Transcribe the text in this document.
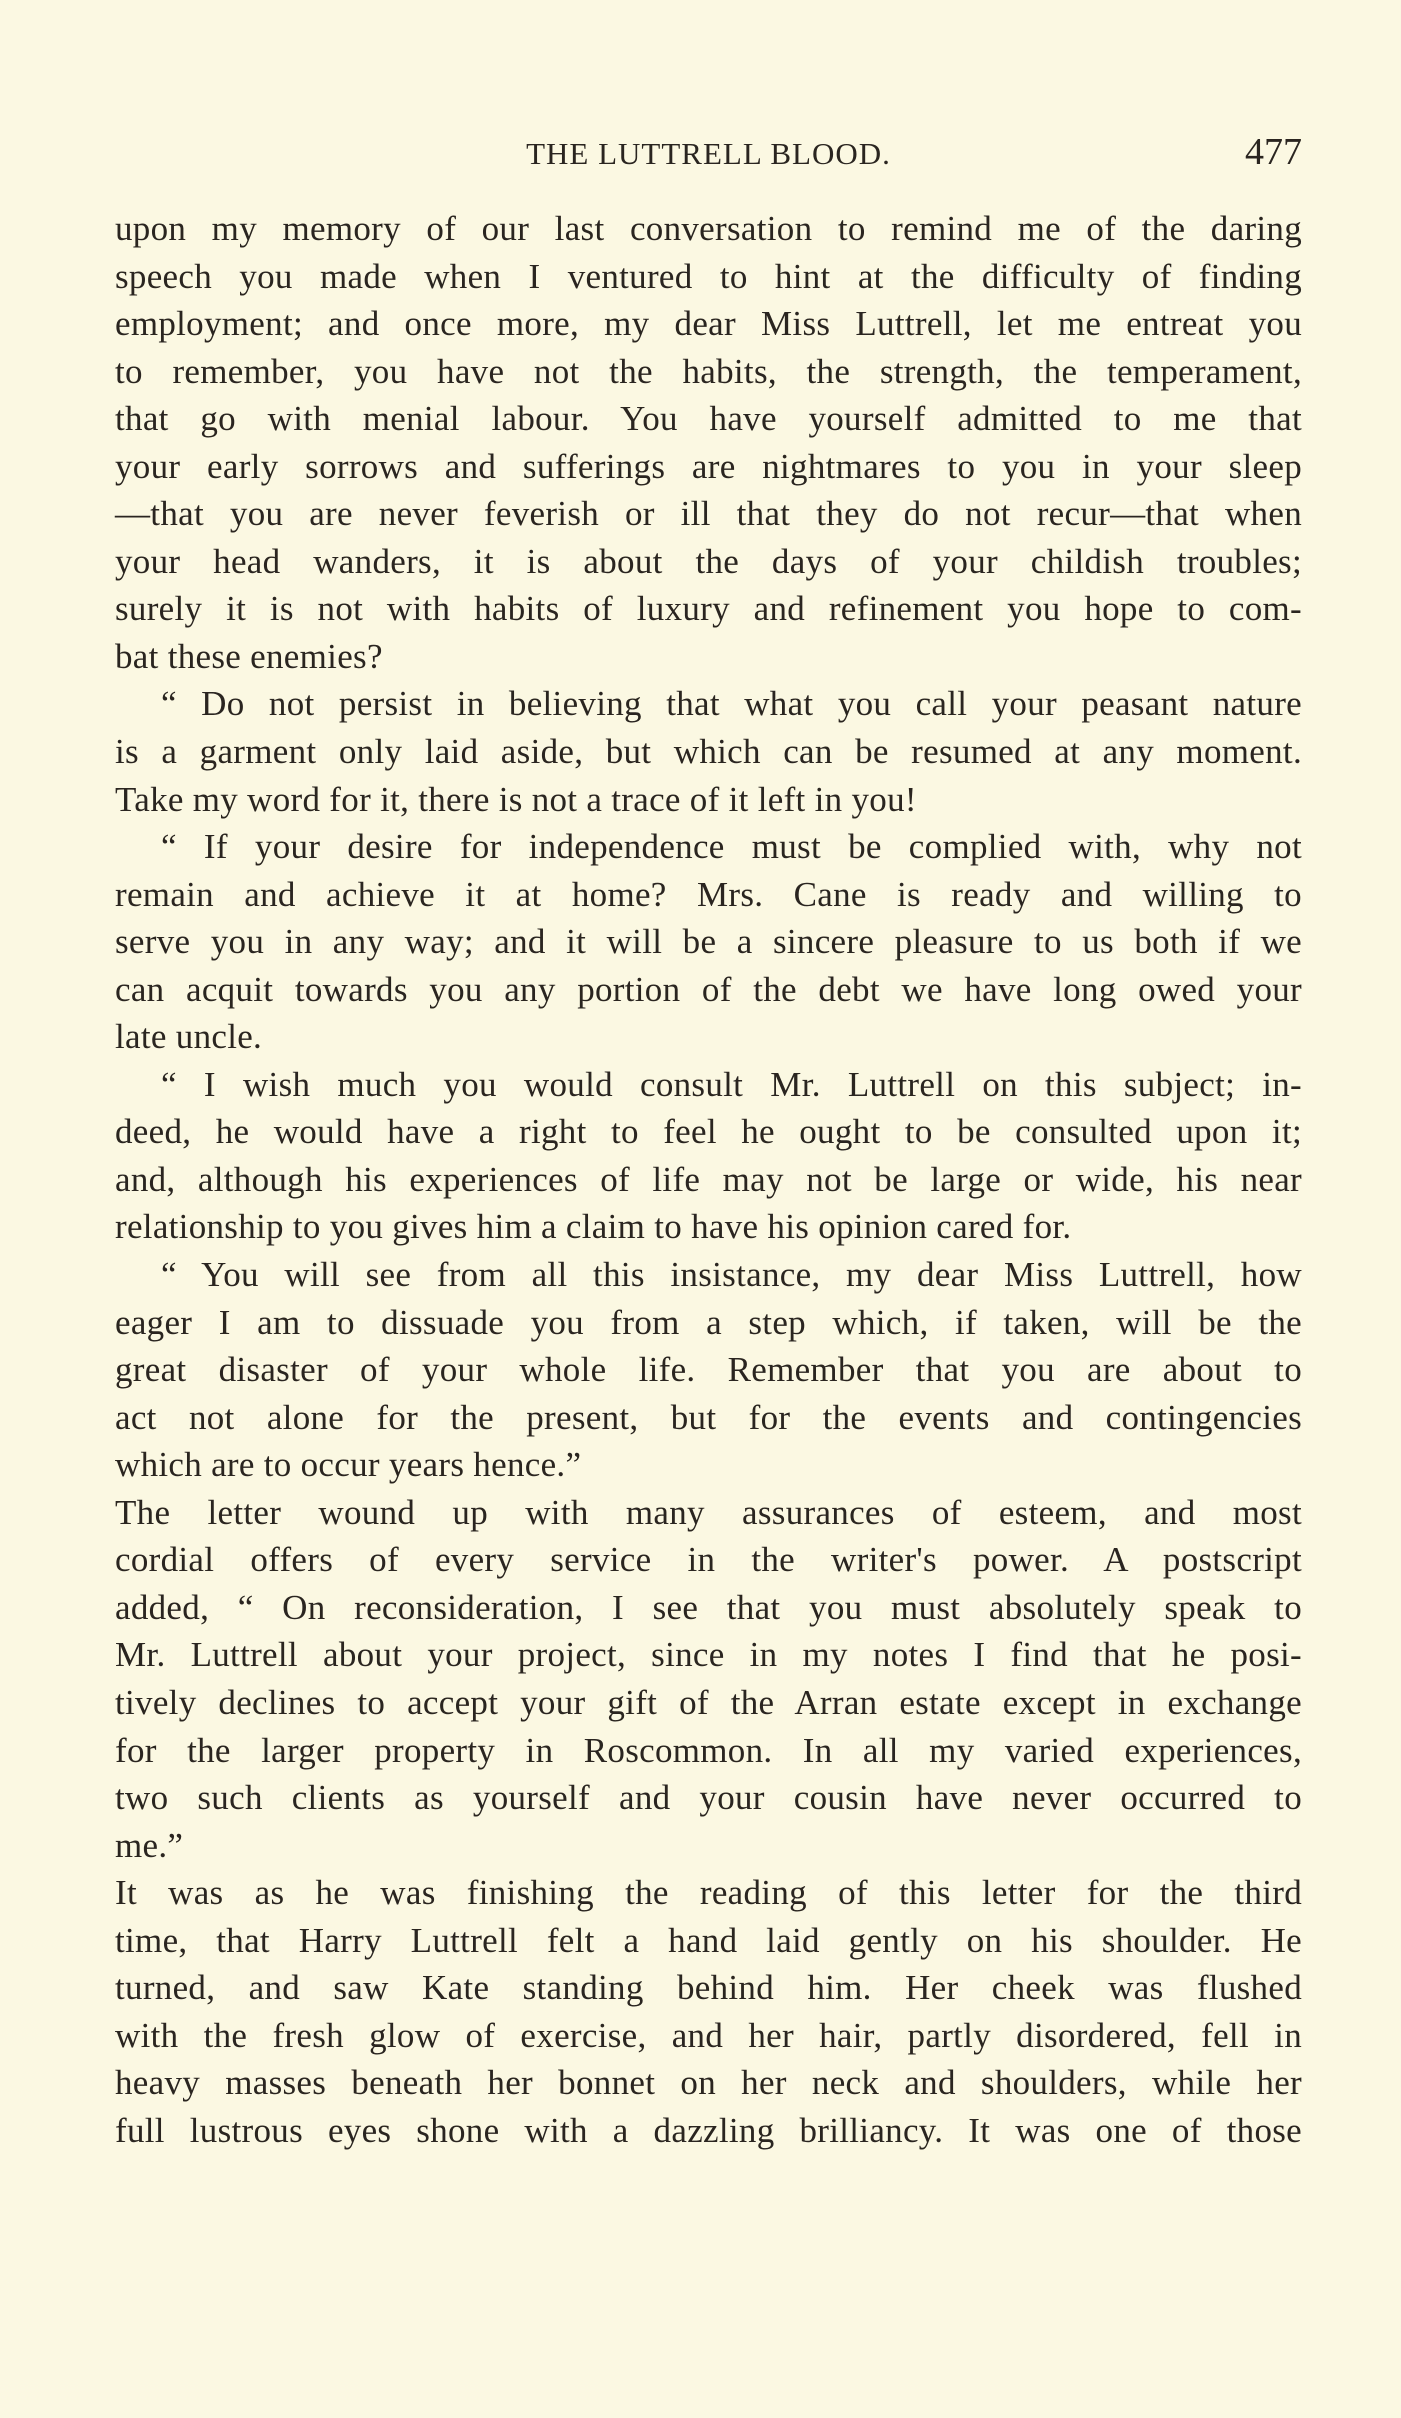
THE LUTTRELL BLOOD.	477
upon my memory of our last conversation to remind me of the daring
speech you made when I ventured to hint at the difficulty of finding
employment; and once more, my dear Miss Luttrell, let me entreat you
to remember, you have not the habits, the strength, the temperament,
that go with menial labour. You have yourself admitted to me that
your early sorrows and sufferings are nightmares to you in your sleep
—that you are never feverish or ill that they do not recur—that when
your head wanders, it is about the days of your childish troubles;
surely it is not with habits of luxury and refinement you hope to com-
bat these enemies?
“ Do not persist in believing that what you call your peasant nature
is a garment only laid aside, but which can be resumed at any moment.
Take my word for it, there is not a trace of it left in you!
“ If your desire for independence must be complied with, why not
remain and achieve it at home? Mrs. Cane is ready and willing to
serve you in any way; and it will be a sincere pleasure to us both if we
can acquit towards you any portion of the debt we have long owed your
late uncle.
“ I wish much you would consult Mr. Luttrell on this subject; in-
deed, he would have a right to feel he ought to be consulted upon it;
and, although his experiences of life may not be large or wide, his near
relationship to you gives him a claim to have his opinion cared for.
“ You will see from all this insistance, my dear Miss Luttrell, how
eager I am to dissuade you from a step which, if taken, will be the
great disaster of your whole life. Remember that you are about to
act not alone for the present, but for the events and contingencies
which are to occur years hence.”
The letter wound up with many assurances of esteem, and most
cordial offers of every service in the writer's power. A postscript
added, “ On reconsideration, I see that you must absolutely speak to
Mr. Luttrell about your project, since in my notes I find that he posi-
tively declines to accept your gift of the Arran estate except in exchange
for the larger property in Roscommon. In all my varied experiences,
two such clients as yourself and your cousin have never occurred to
me.”
It was as he was finishing the reading of this letter for the third
time, that Harry Luttrell felt a hand laid gently on his shoulder. He
turned, and saw Kate standing behind him. Her cheek was flushed
with the fresh glow of exercise, and her hair, partly disordered, fell in
heavy masses beneath her bonnet on her neck and shoulders, while her
full lustrous eyes shone with a dazzling brilliancy. It was one of those
